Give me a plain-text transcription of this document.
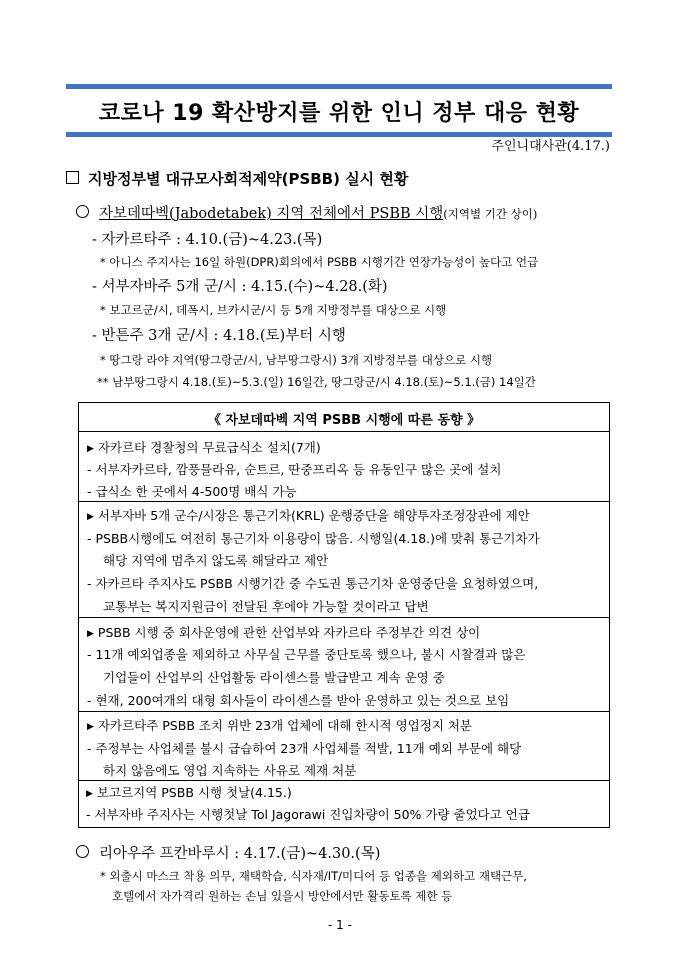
코로나 19 확산방지를 위한 인니 정부 대응 현황
주인니대사관(4.17.)
지방정부별 대규모사회적제약(PSBB) 실시 현황
자보데따벡(Jabodetabek) 지역 전체에서 PSBB 시행(지역별 기간 상이)
- 자카르타주 : 4.10.(금)~4.23.(목)
* 아니스 주지사는 16일 하원(DPR)회의에서 PSBB 시행기간 연장가능성이 높다고 언급
- 서부자바주 5개 군/시 : 4.15.(수)~4.28.(화)
* 보고르군/시, 데폭시, 브카시군/시 등 5개 지방정부를 대상으로 시행
- 반튼주 3개 군/시 : 4.18.(토)부터 시행
* 땅그랑 라야 지역(땅그랑군/시, 남부땅그랑시) 3개 지방정부를 대상으로 시행
** 남부땅그랑시 4.18.(토)~5.3.(일) 16일간, 땅그랑군/시 4.18.(토)~5.1.(금) 14일간
《 자보데따벡 지역 PSBB 시행에 따른 동향 》
▶ 자카르타 경찰청의 무료급식소 설치(7개)
- 서부자카르타, 깜풍믈라유, 순트르, 딴중프리옥 등 유동인구 많은 곳에 설치
- 급식소 한 곳에서 4-500명 배식 가능
▶ 서부자바 5개 군수/시장은 통근기차(KRL) 운행중단을 해양투자조정장관에 제안
- PSBB시행에도 여전히 통근기차 이용량이 많음. 시행일(4.18.)에 맞춰 통근기차가
해당 지역에 멈추지 않도록 해달라고 제안
- 자카르타 주지사도 PSBB 시행기간 중 수도권 통근기차 운영중단을 요청하였으며,
교통부는 복지지원금이 전달된 후에야 가능할 것이라고 답변
▶ PSBB 시행 중 회사운영에 관한 산업부와 자카르타 주정부간 의견 상이
- 11개 예외업종을 제외하고 사무실 근무를 중단토록 했으나, 불시 시찰결과 많은
기업들이 산업부의 산업활동 라이센스를 발급받고 계속 운영 중
- 현재, 200여개의 대형 회사들이 라이센스를 받아 운영하고 있는 것으로 보임
▶ 자카르타주 PSBB 조치 위반 23개 업체에 대해 한시적 영업정지 처분
- 주정부는 사업체를 불시 급습하여 23개 사업체를 적발, 11개 예외 부문에 해당
하지 않음에도 영업 지속하는 사유로 제재 처분
▶ 보고르지역 PSBB 시행 첫날(4.15.)
- 서부자바 주지사는 시행첫날 Tol Jagorawi 진입차량이 50% 가량 줄었다고 언급
리아우주 프칸바루시 : 4.17.(금)~4.30.(목)
* 외출시 마스크 착용 의무, 재택학습, 식자재/IT/미디어 등 업종을 제외하고 재택근무,
호텔에서 자가격리 원하는 손님 있을시 방안에서만 활동토록 제한 등
- 1 -
